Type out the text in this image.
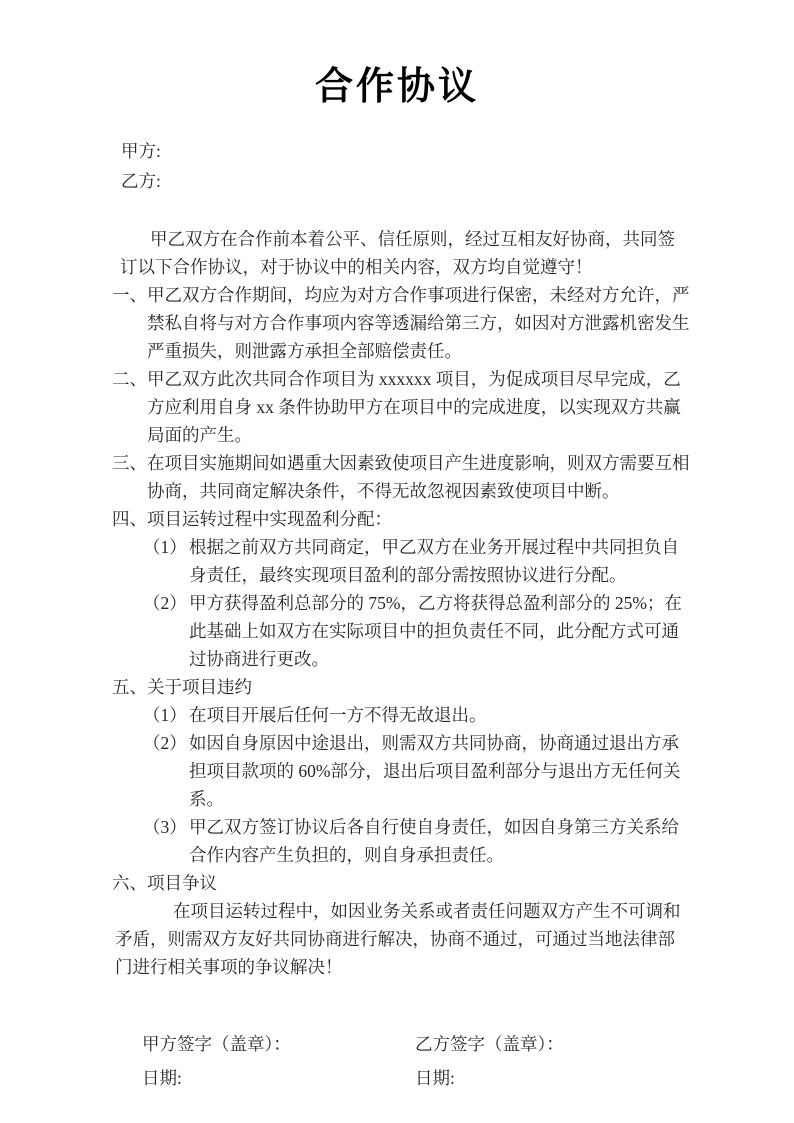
合作协议
甲方:
乙方:

甲乙双方在合作前本着公平、信任原则，经过互相友好协商，共同签订以下合作协议，对于协议中的相关内容，双方均自觉遵守！

一、 甲乙双方合作期间，均应为对方合作事项进行保密，未经对方允许，严禁私自将与对方合作事项内容等透漏给第三方，如因对方泄露机密发生严重损失，则泄露方承担全部赔偿责任。
二、 甲乙双方此次共同合作项目为 xxxxxx 项目，为促成项目尽早完成，乙方应利用自身 xx 条件协助甲方在项目中的完成进度，以实现双方共赢局面的产生。
三、 在项目实施期间如遇重大因素致使项目产生进度影响，则双方需要互相协商，共同商定解决条件，不得无故忽视因素致使项目中断。
四、 项目运转过程中实现盈利分配：
（1） 根据之前双方共同商定，甲乙双方在业务开展过程中共同担负自身责任，最终实现项目盈利的部分需按照协议进行分配。
（2） 甲方获得盈利总部分的 75%，乙方将获得总盈利部分的 25%；在此基础上如双方在实际项目中的担负责任不同，此分配方式可通过协商进行更改。
五、 关于项目违约
（1） 在项目开展后任何一方不得无故退出。
（2） 如因自身原因中途退出，则需双方共同协商，协商通过退出方承担项目款项的 60%部分，退出后项目盈利部分与退出方无任何关系。
（3） 甲乙双方签订协议后各自行使自身责任，如因自身第三方关系给合作内容产生负担的，则自身承担责任。
六、 项目争议
在项目运转过程中，如因业务关系或者责任问题双方产生不可调和矛盾，则需双方友好共同协商进行解决，协商不通过，可通过当地法律部门进行相关事项的争议解决！
甲方签字（盖章）：
日期:
乙方签字（盖章）：
日期:
